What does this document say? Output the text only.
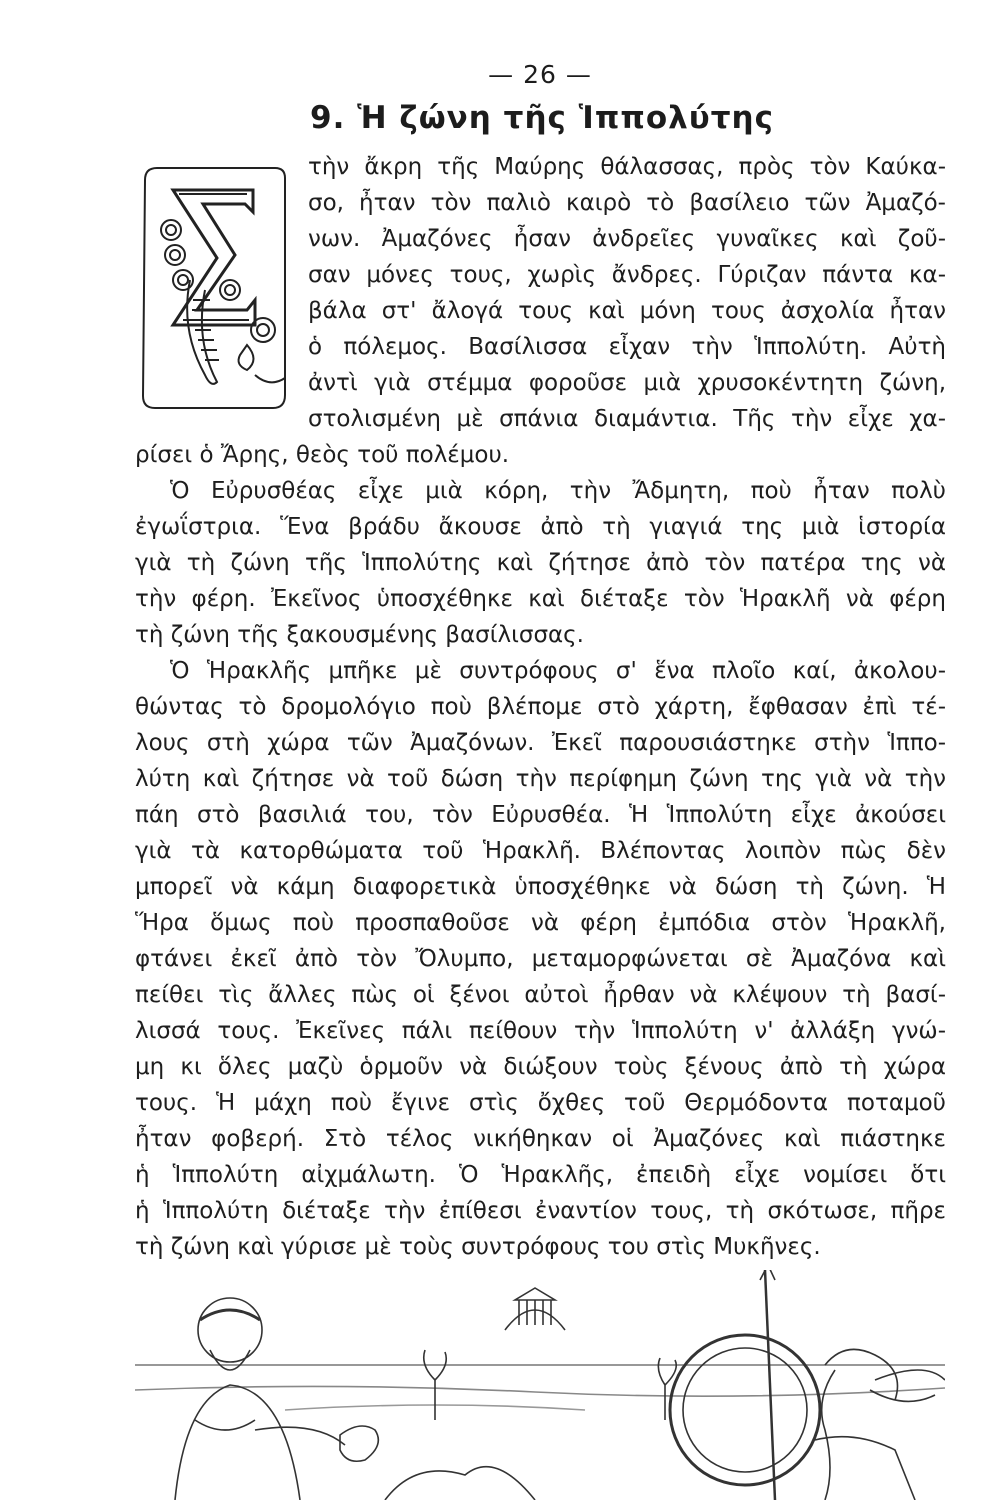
— 26 —
9. Ἡ ζώνη τῆς Ἱππολύτης
Σ	τὴν ἄκρη τῆς Μαύρης θάλασσας, πρὸς τὸν Καύκα-
σο, ἦταν τὸν παλιὸ καιρὸ τὸ βασίλειο τῶν Ἀμαζό-
νων. Ἀμαζόνες ἦσαν ἀνδρεῖες γυναῖκες καὶ ζοῦ-
σαν μόνες τους, χωρὶς ἄνδρες. Γύριζαν πάντα κα-
βάλα στ' ἄλογά τους καὶ μόνη τους ἀσχολία ἦταν
ὁ πόλεμος. Βασίλισσα εἶχαν τὴν Ἱππολύτη. Αὐτὴ
ἀντὶ γιὰ στέμμα φοροῦσε μιὰ χρυσοκέντητη ζώνη,
στολισμένη μὲ σπάνια διαμάντια. Τῆς τὴν εἶχε χα-
ρίσει ὁ Ἄρης, θεὸς τοῦ πολέμου.
Ὁ Εὐρυσθέας εἶχε μιὰ κόρη, τὴν Ἄδμητη, ποὺ ἦταν πολὺ
ἐγωΐστρια. Ἕνα βράδυ ἄκουσε ἀπὸ τὴ γιαγιά της μιὰ ἱστορία
γιὰ τὴ ζώνη τῆς Ἱππολύτης καὶ ζήτησε ἀπὸ τὸν πατέρα της νὰ
τὴν φέρη. Ἐκεῖνος ὑποσχέθηκε καὶ διέταξε τὸν Ἡρακλῆ νὰ φέρη
τὴ ζώνη τῆς ξακουσμένης βασίλισσας.
Ὁ Ἡρακλῆς μπῆκε μὲ συντρόφους σ' ἕνα πλοῖο καί, ἀκολου-
θώντας τὸ δρομολόγιο ποὺ βλέπομε στὸ χάρτη, ἔφθασαν ἐπὶ τέ-
λους στὴ χώρα τῶν Ἀμαζόνων. Ἐκεῖ παρουσιάστηκε στὴν Ἱππο-
λύτη καὶ ζήτησε νὰ τοῦ δώση τὴν περίφημη ζώνη της γιὰ νὰ τὴν
πάη στὸ βασιλιά του, τὸν Εὐρυσθέα. Ἡ Ἱππολύτη εἶχε ἀκούσει
γιὰ τὰ κατορθώματα τοῦ Ἡρακλῆ. Βλέποντας λοιπὸν πὼς δὲν
μπορεῖ νὰ κάμη διαφορετικὰ ὑποσχέθηκε νὰ δώση τὴ ζώνη. Ἡ
Ἥρα ὅμως ποὺ προσπαθοῦσε νὰ φέρη ἐμπόδια στὸν Ἡρακλῆ,
φτάνει ἐκεῖ ἀπὸ τὸν Ὄλυμπο, μεταμορφώνεται σὲ Ἀμαζόνα καὶ
πείθει τὶς ἄλλες πὼς οἱ ξένοι αὐτοὶ ἦρθαν νὰ κλέψουν τὴ βασί-
λισσά τους. Ἐκεῖνες πάλι πείθουν τὴν Ἱππολύτη ν' ἀλλάξη γνώ-
μη κι ὅλες μαζὺ ὁρμοῦν νὰ διώξουν τοὺς ξένους ἀπὸ τὴ χώρα
τους. Ἡ μάχη ποὺ ἔγινε στὶς ὄχθες τοῦ Θερμόδοντα ποταμοῦ
ἦταν φοβερή. Στὸ τέλος νικήθηκαν οἱ Ἀμαζόνες καὶ πιάστηκε
ἡ Ἱππολύτη αἰχμάλωτη. Ὁ Ἡρακλῆς, ἐπειδὴ εἶχε νομίσει ὅτι
ἡ Ἱππολύτη διέταξε τὴν ἐπίθεσι ἐναντίον τους, τὴ σκότωσε, πῆρε
τὴ ζώνη καὶ γύρισε μὲ τοὺς συντρόφους του στὶς Μυκῆνες.
